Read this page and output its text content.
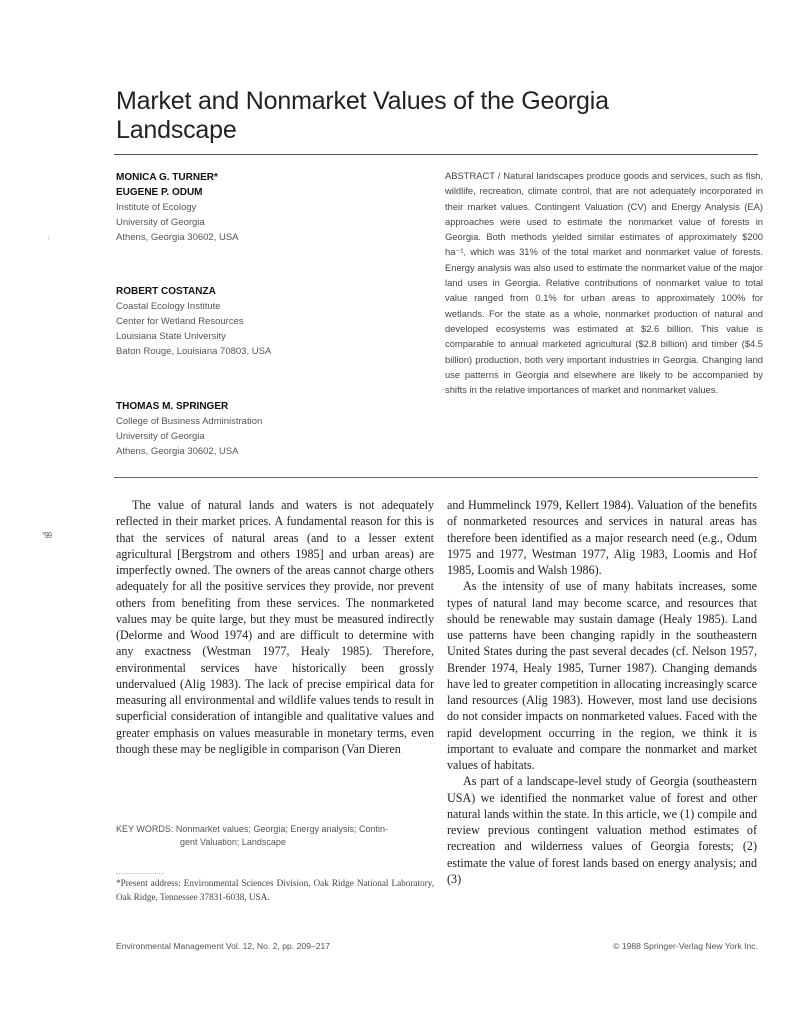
Market and Nonmarket Values of the Georgia Landscape
MONICA G. TURNER*
EUGENE P. ODUM
Institute of Ecology
University of Georgia
Athens, Georgia 30602, USA
ROBERT COSTANZA
Coastal Ecology Institute
Center for Wetland Resources
Louisiana State University
Baton Rouge, Louisiana 70803, USA
THOMAS M. SPRINGER
College of Business Administration
University of Georgia
Athens, Georgia 30602, USA

ABSTRACT / Natural landscapes produce goods and services, such as fish, wildlife, recreation, climate control, that are not adequately incorporated in their market values. Contingent Valuation (CV) and Energy Analysis (EA) approaches were used to estimate the nonmarket value of forests in Georgia. Both methods yielded similar estimates of approximately $200 ha⁻¹, which was 31% of the total market and nonmarket value of forests. Energy analysis was also used to estimate the nonmarket value of the major land uses in Georgia. Relative contributions of nonmarket value to total value ranged from 0.1% for urban areas to approximately 100% for wetlands. For the state as a whole, nonmarket production of natural and developed ecosystems was estimated at $2.6 billion. This value is comparable to annual marketed agricultural ($2.8 billion) and timber ($4.5 billion) production, both very important industries in Georgia. Changing land use patterns in Georgia and elsewhere are likely to be accompanied by shifts in the relative importances of market and nonmarket values.

The value of natural lands and waters is not adequately reflected in their market prices. A fundamental reason for this is that the services of natural areas (and to a lesser extent agricultural [Bergstrom and others 1985] and urban areas) are imperfectly owned. The owners of the areas cannot charge others adequately for all the positive services they provide, nor prevent others from benefiting from these services. The nonmarketed values may be quite large, but they must be measured indirectly (Delorme and Wood 1974) and are difficult to determine with any exactness (Westman 1977, Healy 1985). Therefore, environmental services have historically been grossly undervalued (Alig 1983). The lack of precise empirical data for measuring all environmental and wildlife values tends to result in superficial consideration of intangible and qualitative values and greater emphasis on values measurable in monetary terms, even though these may be negligible in comparison (Van Dieren

and Hummelinck 1979, Kellert 1984). Valuation of the benefits of nonmarketed resources and services in natural areas has therefore been identified as a major research need (e.g., Odum 1975 and 1977, Westman 1977, Alig 1983, Loomis and Hof 1985, Loomis and Walsh 1986).

As the intensity of use of many habitats increases, some types of natural land may become scarce, and resources that should be renewable may sustain damage (Healy 1985). Land use patterns have been changing rapidly in the southeastern United States during the past several decades (cf. Nelson 1957, Brender 1974, Healy 1985, Turner 1987). Changing demands have led to greater competition in allocating increasingly scarce land resources (Alig 1983). However, most land use decisions do not consider impacts on nonmarketed values. Faced with the rapid development occurring in the region, we think it is important to evaluate and compare the nonmarket and market values of habitats.

As part of a landscape-level study of Georgia (southeastern USA) we identified the nonmarket value of forest and other natural lands within the state. In this article, we (1) compile and review previous contingent valuation method estimates of recreation and wilderness values of Georgia forests; (2) estimate the value of forest lands based on energy analysis; and (3)

KEY WORDS: Nonmarket values; Georgia; Energy analysis; Contin-
gent Valuation; Landscape
*Present address: Environmental Sciences Division, Oak Ridge National Laboratory, Oak Ridge, Tennessee 37831-6038, USA.
Environmental Management Vol. 12, No. 2, pp. 209–217	© 1988 Springer-Verlag New York Inc.
°99
ı
